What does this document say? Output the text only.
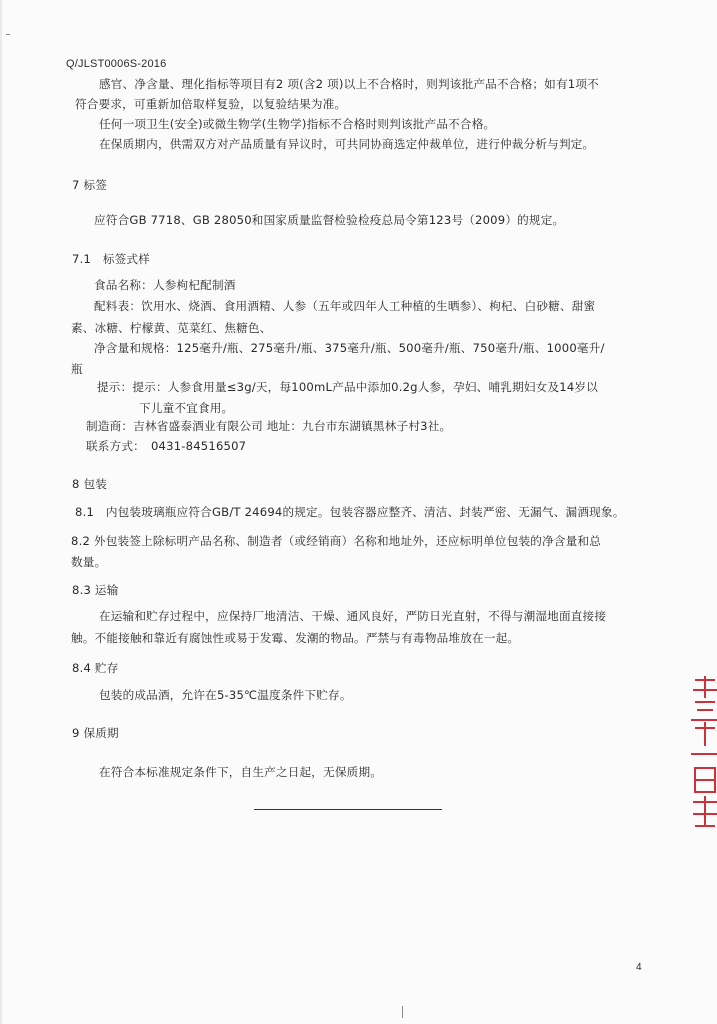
Q/JLST0006S-2016
感官、净含量、理化指标等项目有2 项(含2 项)以上不合格时，则判该批产品不合格；如有1项不
符合要求，可重新加倍取样复验，以复验结果为准。
任何一项卫生(安全)或微生物学(生物学)指标不合格时则判该批产品不合格。
在保质期内，供需双方对产品质量有异议时，可共同协商选定仲裁单位，进行仲裁分析与判定。
7 标签
应符合GB 7718、GB 28050和国家质量监督检验检疫总局令第123号（2009）的规定。
7.1　标签式样
食品名称：人参枸杞配制酒
配料表：饮用水、烧酒、食用酒精、人参（五年或四年人工种植的生晒参）、枸杞、白砂糖、甜蜜
素、冰糖、柠檬黄、苋菜红、焦糖色、
净含量和规格：125毫升/瓶、275毫升/瓶、375毫升/瓶、500毫升/瓶、750毫升/瓶、1000毫升/
瓶
提示：提示：人参食用量≤3g/天，每100mL产品中添加0.2g人参，孕妇、哺乳期妇女及14岁以
下儿童不宜食用。
制造商：吉林省盛泰酒业有限公司 地址：九台市东湖镇黑林子村3社。
联系方式：　0431-84516507
8 包装
8.1　内包装玻璃瓶应符合GB/T 24694的规定。包装容器应整齐、清洁、封装严密、无漏气、漏酒现象。
8.2 外包装签上除标明产品名称、制造者（或经销商）名称和地址外，还应标明单位包装的净含量和总
数量。
8.3 运输
在运输和贮存过程中，应保持厂地清洁、干燥、通风良好，严防日光直射，不得与潮湿地面直接接
触。不能接触和靠近有腐蚀性或易于发霉、发潮的物品。严禁与有毒物品堆放在一起。
8.4 贮存
包装的成品酒，允许在5-35℃温度条件下贮存。
9 保质期
在符合本标准规定条件下，自生产之日起，无保质期。
4
